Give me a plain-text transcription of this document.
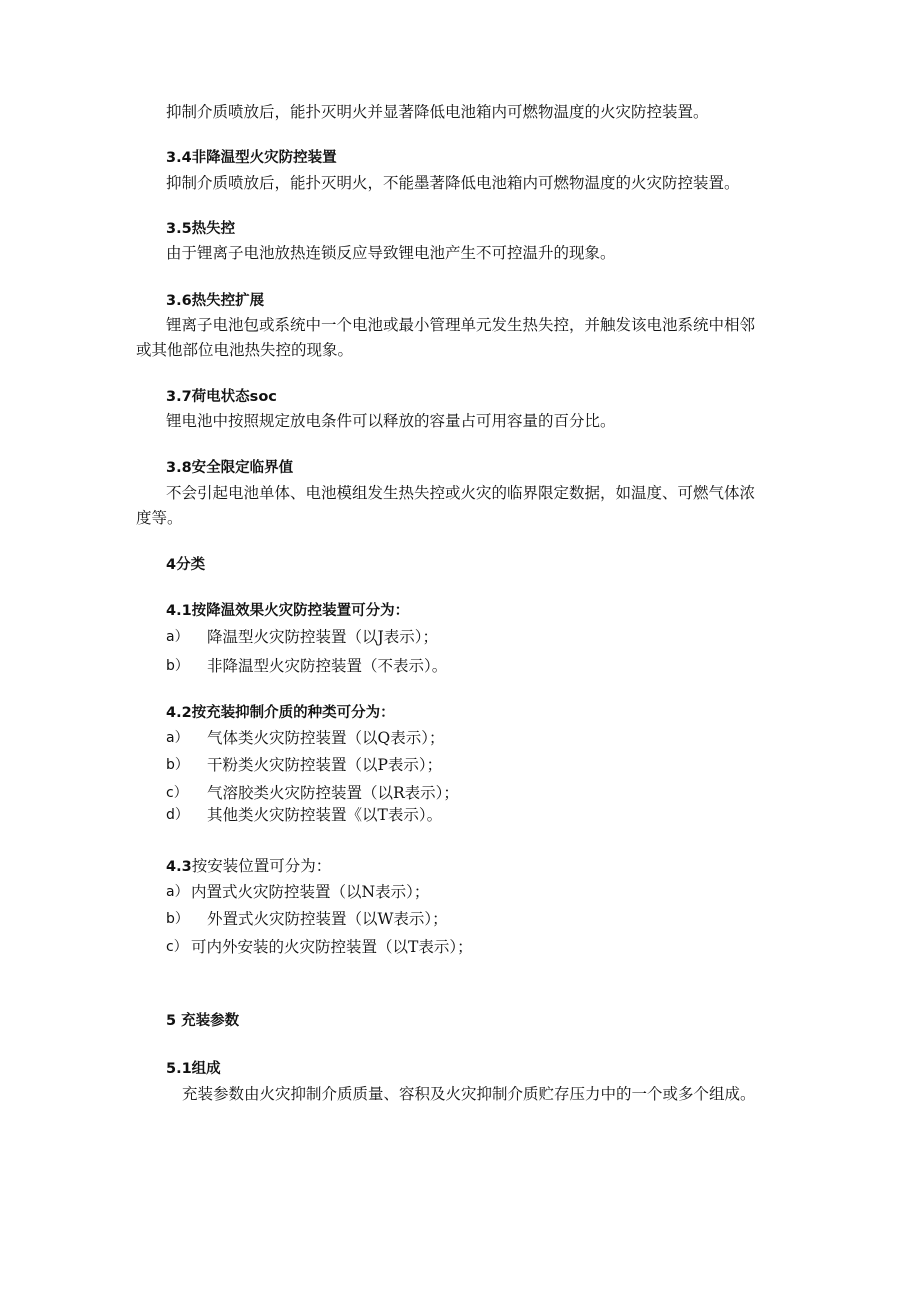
抑制介质喷放后，能扑灭明火并显著降低电池箱内可燃物温度的火灾防控装置。
3.4非降温型火灾防控装置
抑制介质喷放后，能扑灭明火，不能墨著降低电池箱内可燃物温度的火灾防控装置。
3.5热失控
由于锂离子电池放热连锁反应导致锂电池产生不可控温升的现象。
3.6热失控扩展
锂离子电池包或系统中一个电池或最小管理单元发生热失控，并触发该电池系统中相邻
或其他部位电池热失控的现象。
3.7荷电状态soc
锂电池中按照规定放电条件可以释放的容量占可用容量的百分比。
3.8安全限定临界值
不会引起电池单体、电池模组发生热失控或火灾的临界限定数据，如温度、可燃气体浓
度等。
4分类
4.1按降温效果火灾防控装置可分为：
a） 降温型火灾防控装置（以J表示）；
b） 非降温型火灾防控装置（不表示）。
4.2按充装抑制介质的种类可分为：
a） 气体类火灾防控装置（以Q表示）；
b） 干粉类火灾防控装置（以P表示）；
c） 气溶胶类火灾防控装置（以R表示）；
d） 其他类火灾防控装置《以T表示）。
4.3按安装位置可分为：
a） 内置式火灾防控装置（以N表示）；
b） 外置式火灾防控装置（以W表示）；
c） 可内外安装的火灾防控装置（以T表示）；
5 充装参数
5.1组成
充装参数由火灾抑制介质质量、容积及火灾抑制介质贮存压力中的一个或多个组成。
